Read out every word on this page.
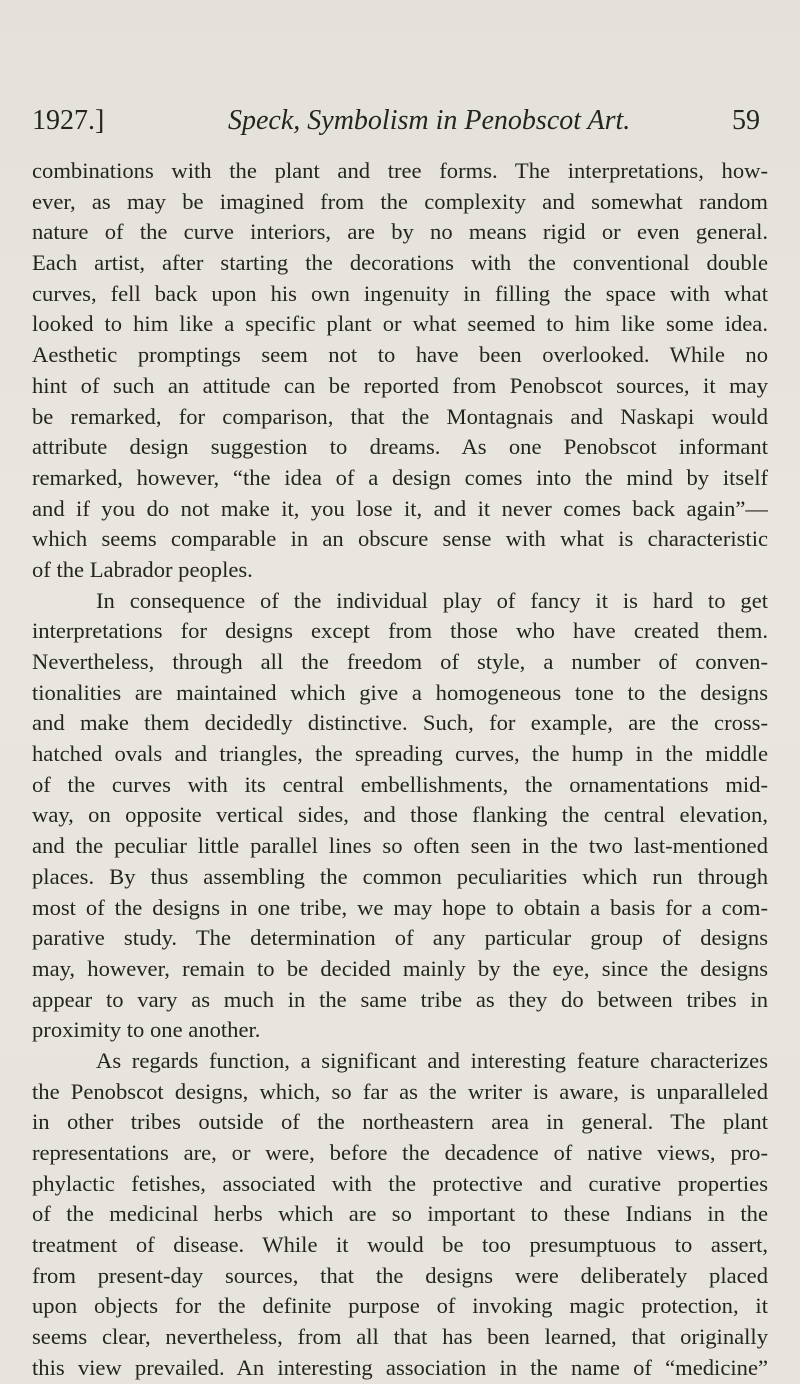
1927.]	Speck, Symbolism in Penobscot Art.	59
combinations with the plant and tree forms. The interpretations, how-
ever, as may be imagined from the complexity and somewhat random
nature of the curve interiors, are by no means rigid or even general.
Each artist, after starting the decorations with the conventional double
curves, fell back upon his own ingenuity in filling the space with what
looked to him like a specific plant or what seemed to him like some idea.
Aesthetic promptings seem not to have been overlooked. While no
hint of such an attitude can be reported from Penobscot sources, it may
be remarked, for comparison, that the Montagnais and Naskapi would
attribute design suggestion to dreams. As one Penobscot informant
remarked, however, “the idea of a design comes into the mind by itself
and if you do not make it, you lose it, and it never comes back again”—
which seems comparable in an obscure sense with what is characteristic
of the Labrador peoples.
In consequence of the individual play of fancy it is hard to get
interpretations for designs except from those who have created them.
Nevertheless, through all the freedom of style, a number of conven-
tionalities are maintained which give a homogeneous tone to the designs
and make them decidedly distinctive. Such, for example, are the cross-
hatched ovals and triangles, the spreading curves, the hump in the middle
of the curves with its central embellishments, the ornamentations mid-
way, on opposite vertical sides, and those flanking the central elevation,
and the peculiar little parallel lines so often seen in the two last-mentioned
places. By thus assembling the common peculiarities which run through
most of the designs in one tribe, we may hope to obtain a basis for a com-
parative study. The determination of any particular group of designs
may, however, remain to be decided mainly by the eye, since the designs
appear to vary as much in the same tribe as they do between tribes in
proximity to one another.
As regards function, a significant and interesting feature characterizes
the Penobscot designs, which, so far as the writer is aware, is unparalleled
in other tribes outside of the northeastern area in general. The plant
representations are, or were, before the decadence of native views, pro-
phylactic fetishes, associated with the protective and curative properties
of the medicinal herbs which are so important to these Indians in the
treatment of disease. While it would be too presumptuous to assert,
from present-day sources, that the designs were deliberately placed
upon objects for the definite purpose of invoking magic protection, it
seems clear, nevertheless, from all that has been learned, that originally
this view prevailed. An interesting association in the name of “medicine”
